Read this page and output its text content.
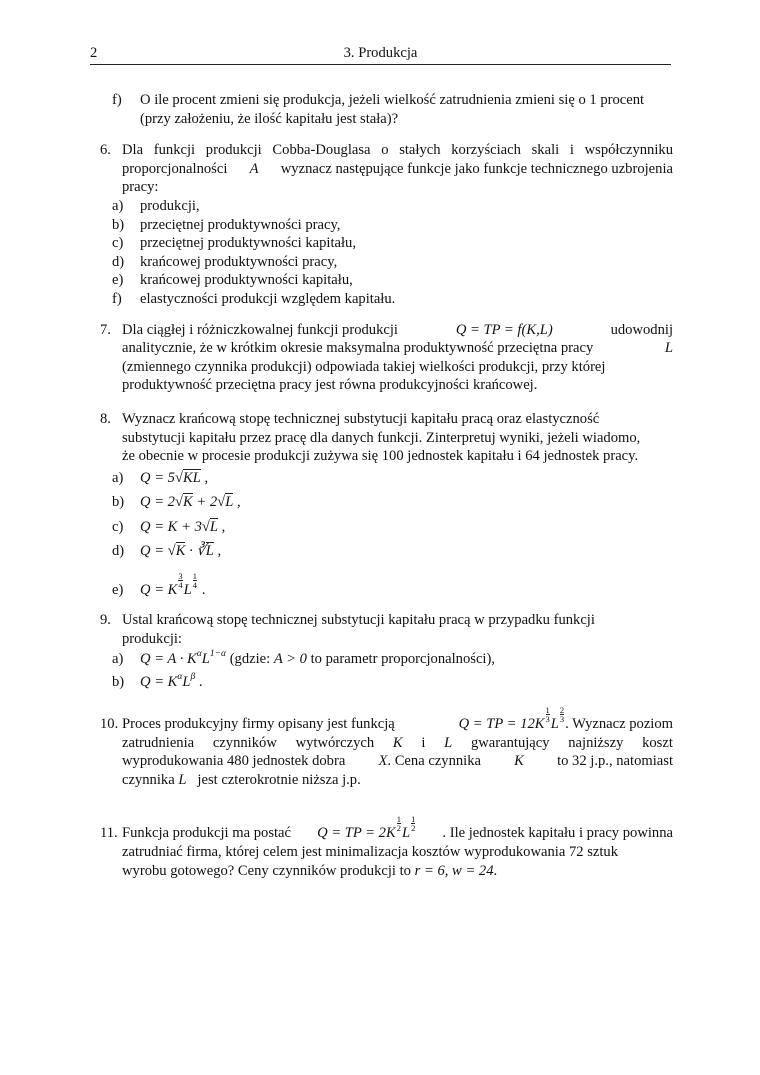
2	3. Produkcja
f)	O ile procent zmieni się produkcja, jeżeli wielkość zatrudnienia zmieni się o 1 procent
(przy założeniu, że ilość kapitału jest stała)?
6. Dla funkcji produkcji Cobba-Douglasa o stałych korzyściach skali i współczynniku
proporcjonalności A wyznacz następujące funkcje jako funkcje technicznego uzbrojenia
pracy:
a)	produkcji,
b)	przeciętnej produktywności pracy,
c)	przeciętnej produktywności kapitału,
d)	krańcowej produktywności pracy,
e)	krańcowej produktywności kapitału,
f)	elastyczności produkcji względem kapitału.
7. Dla ciągłej i różniczkowalnej funkcji produkcji	Q = TP = f(K,L)	udowodnij
analitycznie, że w krótkim okresie maksymalna produktywność przeciętna pracy	L
(zmiennego czynnika produkcji) odpowiada takiej wielkości produkcji, przy której
produktywność przeciętna pracy jest równa produkcyjności krańcowej.
8. Wyznacz krańcową stopę technicznej substytucji kapitału pracą oraz elastyczność
substytucji kapitału przez pracę dla danych funkcji. Zinterpretuj wyniki, jeżeli wiadomo,
że obecnie w procesie produkcji zużywa się 100 jednostek kapitału i 64 jednostek pracy.
a)	Q = 5√KL ,
b)	Q = 2√K + 2√L ,
c)	Q = K + 3√L ,
d)	Q = √K · ∛L ,
e)	Q = K
$\frac{3}{4}$
L
$\frac{1}{4}$
.
9. Ustal krańcową stopę technicznej substytucji kapitału pracą w przypadku funkcji
produkcji:
a)	$Q = A \cdot K^\alpha L^{1-\alpha}$ (gdzie: A > 0 to parametr proporcjonalności),
b)	$Q = K^\alpha L^\beta$ .
10. Proces produkcyjny firmy opisany jest funkcją	Q = TP = 12K
$\frac{1}{3}$
L
$\frac{2}{3}$
. Wyznacz poziom
zatrudnienia czynników wytwórczych K i L gwarantujący najniższy koszt
wyprodukowania 480 jednostek dobra X. Cena czynnika K to 32 j.p., natomiast
czynnika L jest czterokrotnie niższa j.p.
11. Funkcja produkcji ma postać Q = TP = 2K
$\frac{1}{2}$
L
$\frac{1}{2}$
. Ile jednostek kapitału i pracy powinna
zatrudniać firma, której celem jest minimalizacja kosztów wyprodukowania 72 sztuk
wyrobu gotowego? Ceny czynników produkcji to r = 6, w = 24.
